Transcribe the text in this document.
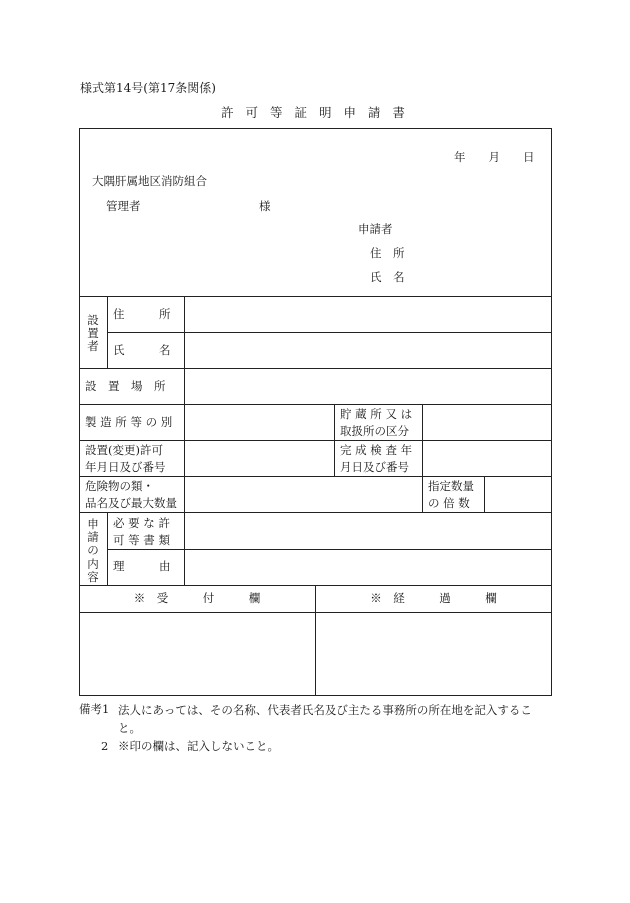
様式第14号(第17条関係)
許 可 等 証 明 申 請 書
年　　月　　日
大隅肝属地区消防組合
管理者	様
申請者
住　所
氏　名
設置者
住　　　所
氏　　　名
設　置　場　所
製 造 所 等 の 別
貯 蔵 所 又 は
取扱所の区分
設置(変更)許可
年月日及び番号
完 成 検 査 年
月日及び番号
危険物の類・
品名及び最大数量
指定数量
の 倍 数
申請の内容
必 要 な 許
可 等 書 類
理　　　由
※　受　　　付　　　欄	※　経　　　過　　　欄
備考1 法人にあっては、その名称、代表者氏名及び主たる事務所の所在地を記入すること。
2 ※印の欄は、記入しないこと。
